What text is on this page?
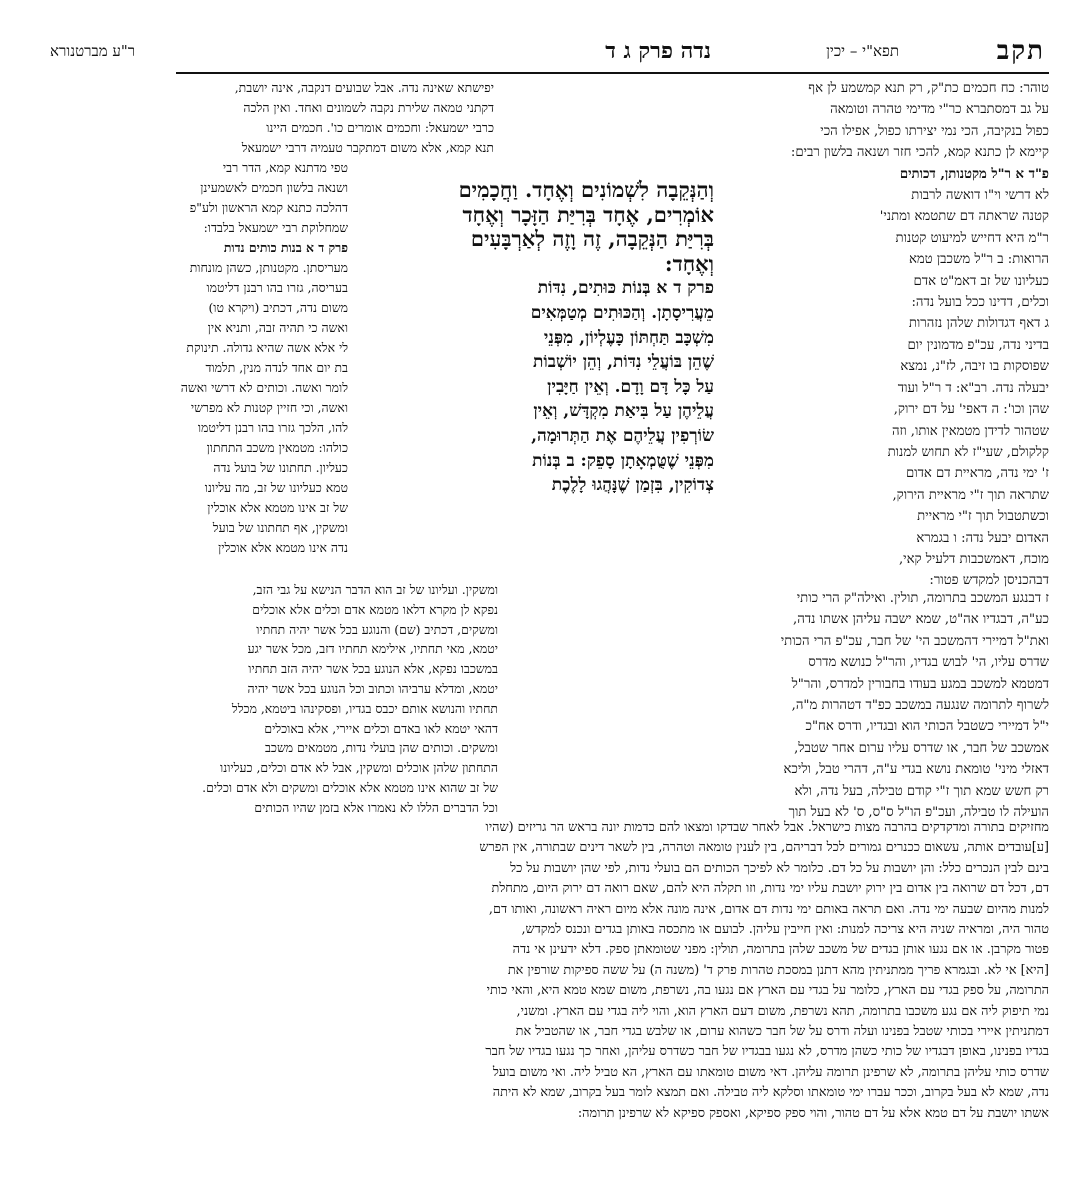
תקב
תפא"י – יכין
נדה פרק ג ד
ר"ע מברטנורא

יפישתא שאינה נדה. אבל שבועים דנקבה, אינה יושבת,

דקתני טמאה שלירת נקבה לשמונים ואחד. ואין הלכה

כרבי ישמעאל: וחכמים אומרים כו'. חכמים היינו

תנא קמא, אלא משום דמתקבר טעמיה דרבי ישמעאל

טפי מדתנא קמא, הדר רבי

ושנאה בלשון חכמים לאשמעינן

דהלכה כתנא קמא הראשון ולע"פ

שמחלוקת רבי ישמעאל בלבדו:

פרק ד א בנות כותים נדות

מעריסתן. מקטנותן, כשהן מונחות

בעריסה, גזרו בהו רבנן דליטמו

משום נדה, דכתיב (ויקרא טו)

ואשה כי תהיה זבה, ותניא אין

לי אלא אשה שהיא גדולה. תינוקת

בת יום אחד לנדה מנין, תלמוד

לומר ואשה. וכותים לא דרשי ואשה

ואשה, וכי חזיין קטנות לא מפרשי

להו, הלכך גזרו בהו רבנן דליטמו

כולהו: מטמאין משכב התחתון

כעליון. תחתונו של בועל נדה

טמא כעליונו של זב, מה עליונו

של זב אינו מטמא אלא אוכלין

ומשקין, אף תחתונו של בועל

נדה אינו מטמא אלא אוכלין

וְהַנְּקֵבָה לִשְׁמוֹנִים וְאֶחָד. וַחֲכָמִים

אוֹמְרִים, אֶחָד בְּרִיַּת הַזָּכָר וְאֶחָד

בְּרִיַּת הַנְּקֵבָה, זֶה וָזֶה לְאַרְבָּעִים

וְאֶחָד:

פרק ד א בְּנוֹת כּוּתִים, נִדּוֹת

מֵעֲרִיסָתָן. וְהַכּוּתִים מְטַמְּאִים

מִשְׁכָּב תַּחְתּוֹן כָּעֶלְיוֹן, מִפְּנֵי

שֶׁהֵן בּוֹעֲלֵי נִדּוֹת, וְהֵן יוֹשְׁבוֹת

עַל כָּל דָּם וָדָם. וְאֵין חַיָּבִין

עֲלֵיהֶן עַל בִּיאַת מִקְדָּשׁ, וְאֵין

שׂוֹרְפִין עֲלֵיהֶם אֶת הַתְּרוּמָה,

מִפְּנֵי שֶׁטֻּמְאָתָן סָפֵק: ב בְּנוֹת

צְדוֹקִין, בִּזְמַן שֶׁנָּהֲגוּ לָלֶכֶת

טוהר: כח חכמים כת"ק, רק תנא קמשמע לן אף

על גב דמסתברא כר"י מדימי טהרה וטומאה

כפול בנקיבה, הכי נמי יצירתו כפול, אפילו הכי

קיימא לן כתנא קמא, להכי חזר ושנאה בלשון רבים:

פ"ד א ר"ל מקטנותן, דכותים

לא דרשי וי"ו דואשה לרבות

קטנה שראתה דם שתטמא ומתני'

ר"מ היא דחייש למיעוט קטנות

הרואות: ב ר"ל משכבן טמא

כעליונו של זב דאמ"ט אדם

וכלים, דדינו ככל בועל נדה:

ג דאף דגדולות שלהן נזהרות

בדיני נדה, עכ"פ מדמונין יום

שפוסקות בו זיבה, לז"נ, נמצא

יבעלה נדה. רב"א: ד ר"ל ועוד

שהן וכו': ה דאפי' על דם ירוק,

שטהור לדידן מטמאין אותו, וזה

קלקולם, שעי"ז לא תחוש למנות

ז' ימי נדה, מראיית דם אדום

שתראה תוך ז"י מראיית הירוק,

וכשתטבול תוך ז"י מראיית

האדום יבעל נדה: ו בגמרא

מוכח, דאמשכבות דלעיל קאי,

דבהכניסן למקדש פטור:

ז דבנגע המשכב בתרומה, תולין. ואילה"ק הרי כותי

כע"ה, דבגדיו אה"ט, שמא ישבה עליהן אשתו נדה,

ואת"ל דמיירי דהמשכב הי' של חבר, עכ"פ הרי הכותי

שדרס עליו, הי' לבוש בגדיו, והר"ל כנושא מדרס

דמטמא למשכב במגע בעודו בחבורין למדרס, והר"ל

לשרוף לתרומה שנגעה במשכב כפ"ד דטהרות מ"ה,

י"ל דמיירי כשטבל הכותי הוא ובגדיו, ודרס אח"כ

אמשכב של חבר, או שדרס עליו ערום אחר שטבל,

דאזלי מיני' טומאת נושא בגדי ע"ה, דהרי טבל, וליכא

רק חשש שמא תוך ז"י קודם טבילה, בעל נדה, ולא

הועילה לו טבילה, ועכ"פ הו"ל ס"ס, ס' לא בעל תוך

ומשקין. ועליונו של זב הוא הדבר הנישא על גבי הזב,

נפקא לן מקרא דלאו מטמא אדם וכלים אלא אוכלים

ומשקים, דכתיב (שם) והנוגע בכל אשר יהיה תחתיו

יטמא, מאי תחתיו, אילימא תחתיו דזב, מכל אשר יגע

במשכבו נפקא, אלא הנוגע בכל אשר יהיה הזב תחתיו

יטמא, ומדלא ערביהו וכתוב וכל הנוגע בכל אשר יהיה

תחתיו והנושא אותם יכבס בגדיו, ופסקינהו ביטמא, מכלל

דהאי יטמא לאו באדם וכלים איירי, אלא באוכלים

ומשקים. וכותים שהן בועלי נדות, מטמאים משכב

התחתון שלהן אוכלים ומשקין, אבל לא אדם וכלים, כעליונו

של זב שהוא אינו מטמא אלא אוכלים ומשקים ולא אדם וכלים.

וכל הדברים הללו לא נאמרו אלא בזמן שהיו הכותים

מחזיקים בתורה ומדקדקים בהרבה מצות כישראל. אבל לאחר שבדקו ומצאו להם כדמות יונה בראש הר גריזים (שהיו

[ע]עובדים אותה, עשאום ככנרים גמורים לכל דבריהם, בין לענין טומאה וטהרה, בין לשאר דינים שבתורה, אין הפרש

בינם לבין הנכרים כלל: והן יושבות על כל דם. כלומר לא לפיכך הכותים הם בועלי נדות, לפי שהן יושבות על כל

דם, דכל דם שרואה בין אדום בין ירוק יושבת עליו ימי נדות, וזו תקלה היא להם, שאם רואה דם ירוק היום, מתחלת

למנות מהיום שבעה ימי נדה. ואם תראה באותם ימי נדות דם אדום, אינה מונה אלא מיום ראיה ראשונה, ואותו דם,

טהור היה, ומראיה שניה היא צריכה למנות: ואין חייבין עליהן. לבועם או מתכסה באותן בגדים ונכנס למקדש,

פטור מקרבן. או אם נגעו אותן בגדים של משכב שלהן בתרומה, תולין: מפני שטומאתן ספק. דלא ידעינן אי נדה

[היא] אי לא. ובגמרא פריך ממתניתין מהא דתנן במסכת טהרות פרק ד' (משנה ה) על ששה ספיקות שורפין את

התרומה, על ספק בגדי עם הארץ, כלומר על בגדי עם הארץ אם נגעו בה, נשרפת, משום שמא טמא היא, והאי כותי

נמי תיפוק ליה אם נגע משכבו בתרומה, תהא נשרפת, משום דעם הארץ הוא, והוי ליה בגדי עם הארץ. ומשני,

דמתניתין איירי בכותי שטבל בפנינו ועלה ודרס על של חבר כשהוא ערום, או שלבש בגדי חבר, או שהטביל את

בגדיו בפנינו, באופן דבגדיו של כותי כשהן מדרס, לא נגעו בבגדיו של חבר כשדרס עליהן, ואחר כך נגעו בגדיו של חבר

שדרס כותי עליהן בתרומה, לא שרפינן תרומה עליהן. דאי משום טומאתו עם הארץ, הא טביל ליה. ואי משום בועל

נדה, שמא לא בעל בקרוב, וככר עברו ימי טומאתו וסלקא ליה טבילה. ואם תמצא לומר בעל בקרוב, שמא לא היתה

אשתו יושבת על דם טמא אלא על דם טהור, והוי ספק ספיקא, ואספק ספיקא לא שרפינן תרומה:
